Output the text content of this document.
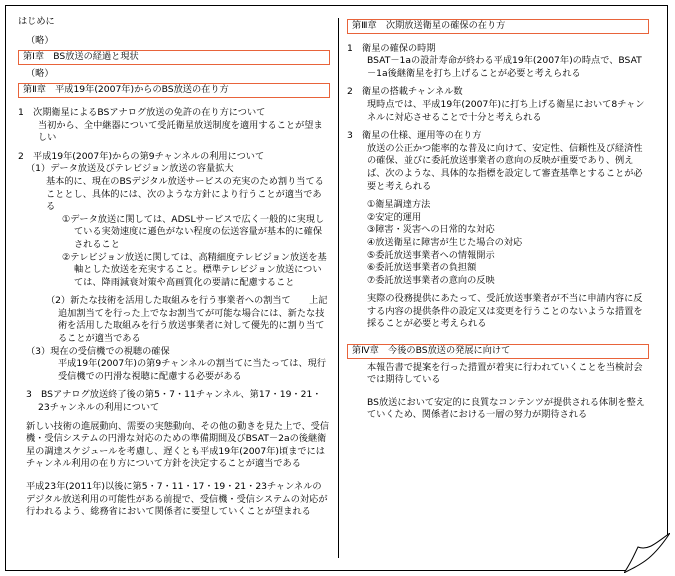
はじめに

（略）

第Ⅰ章　BS放送の経過と現状

（略）

第Ⅱ章　平成19年(2007年)からのBS放送の在り方

1　次期衛星によるBSアナログ放送の免許の在り方について

当初から、全中継器について受託衛星放送制度を適用することが望ましい

2　平成19年(2007年)からの第9チャンネルの利用について

（1）データ放送及びテレビジョン放送の容量拡大

基本的に、現在のBSデジタル放送サービスの充実のため割り当てることとし、具体的には、次のような方針により行うことが適当である

①データ放送に関しては、ADSLサービスで広く一般的に実現している実効速度に遜色がない程度の伝送容量が基本的に確保されること

②テレビジョン放送に関しては、高精細度テレビジョン放送を基軸とした放送を充実すること。標準テレビジョン放送については、降雨減衰対策や高画質化の要請に配慮すること

（2）新たな技術を活用した取組みを行う事業者への割当て　　上記追加割当てを行った上でなお割当てが可能な場合には、新たな技術を活用した取組みを行う放送事業者に対して優先的に割り当てることが適当である

（3）現在の受信機での視聴の確保

平成19年(2007年)の第9チャンネルの割当てに当たっては、現行受信機での円滑な視聴に配慮する必要がある

3　BSアナログ放送終了後の第5・7・11チャンネル、第17・19・21・23チャンネルの利用について

新しい技術の進展動向、需要の実態動向、その他の動きを見た上で、受信機・受信システムの円滑な対応のための準備期間及びBSAT－2aの後継衛星の調達スケジュールを考慮し、遅くとも平成19年(2007年)頃までにはチャンネル利用の在り方について方針を決定することが適当である

平成23年(2011年)以後に第5・7・11・17・19・21・23チャンネルのデジタル放送利用の可能性がある前提で、受信機・受信システムの対応が行われるよう、総務省において関係者に要望していくことが望まれる

第Ⅲ章　次期放送衛星の確保の在り方

1　衛星の確保の時期

BSAT－1aの設計寿命が終わる平成19年(2007年)の時点で、BSAT－1a後継衛星を打ち上げることが必要と考えられる

2　衛星の搭載チャンネル数

現時点では、平成19年(2007年)に打ち上げる衛星において8チャンネルに対応させることで十分と考えられる

3　衛星の仕様、運用等の在り方

放送の公正かつ能率的な普及に向けて、安定性、信頼性及び経済性の確保、並びに委託放送事業者の意向の反映が重要であり、例えば、次のような、具体的な指標を設定して審査基準とすることが必要と考えられる

①衛星調達方法

②安定的運用

③障害・災害への日常的な対応

④放送衛星に障害が生じた場合の対応

⑤委託放送事業者への情報開示

⑥委託放送事業者の負担額

⑦委託放送事業者の意向の反映

実際の役務提供にあたって、受託放送事業者が不当に申請内容に反する内容の提供条件の設定又は変更を行うことのないような措置を採ることが必要と考えられる

第Ⅳ章　今後のBS放送の発展に向けて

本報告書で提案を行った措置が着実に行われていくことを当検討会では期待している

BS放送において安定的に良質なコンテンツが提供される体制を整えていくため、関係者における一層の努力が期待される
